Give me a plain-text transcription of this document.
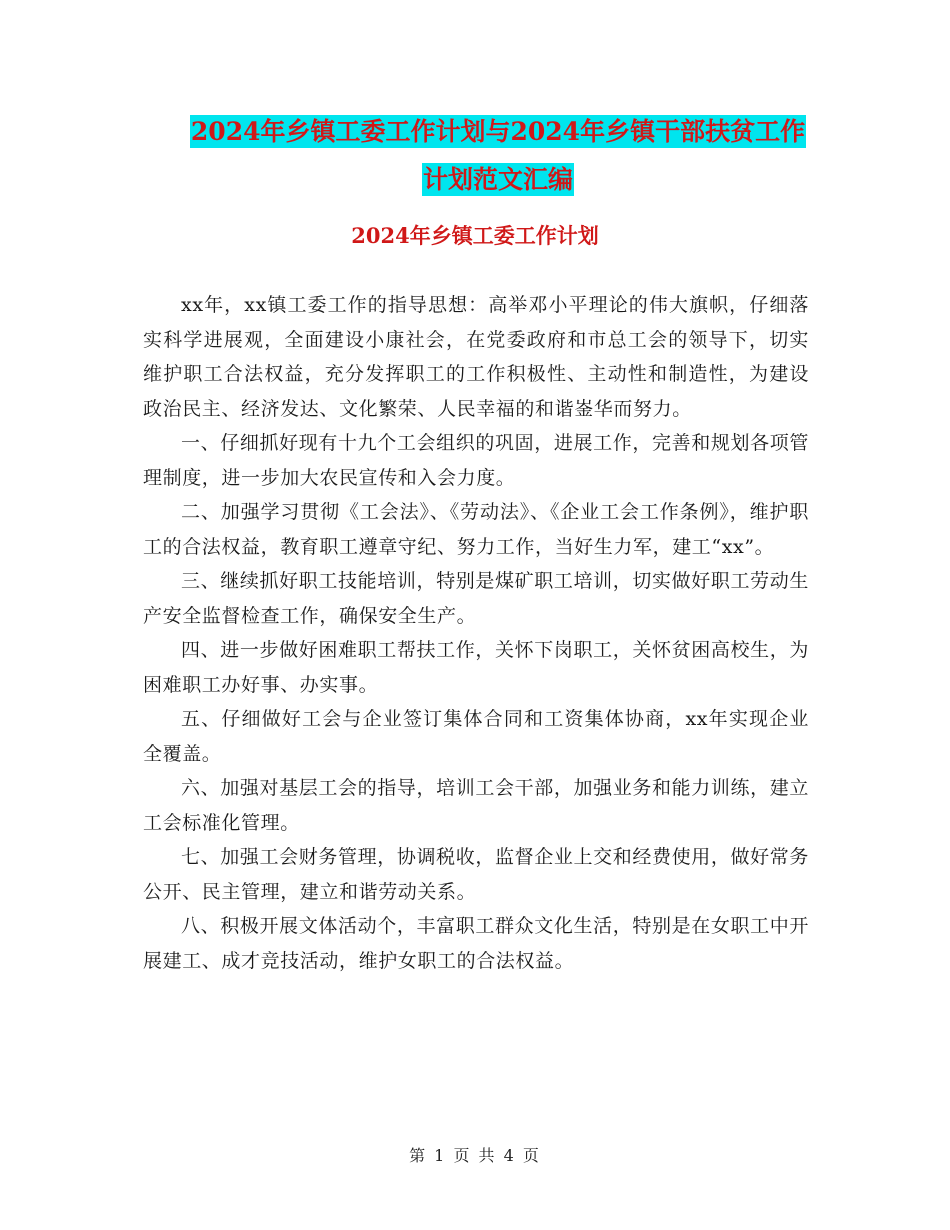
2024年乡镇工委工作计划与2024年乡镇干部扶贫工作
计划范文汇编
2024年乡镇工委工作计划

xx年，xx镇工委工作的指导思想：高举邓小平理论的伟大旗帜，仔细落实科学进展观，全面建设小康社会，在党委政府和市总工会的领导下，切实维护职工合法权益，充分发挥职工的工作积极性、主动性和制造性，为建设政治民主、经济发达、文化繁荣、人民幸福的和谐崟华而努力。

一、仔细抓好现有十九个工会组织的巩固，进展工作，完善和规划各项管理制度，进一步加大农民宣传和入会力度。

二、加强学习贯彻《工会法》、《劳动法》、《企业工会工作条例》，维护职工的合法权益，教育职工遵章守纪、努力工作，当好生力军，建工“xx”。

三、继续抓好职工技能培训，特别是煤矿职工培训，切实做好职工劳动生产安全监督检查工作，确保安全生产。

四、进一步做好困难职工帮扶工作，关怀下岗职工，关怀贫困高校生，为困难职工办好事、办实事。

五、仔细做好工会与企业签订集体合同和工资集体协商，xx年实现企业全覆盖。

六、加强对基层工会的指导，培训工会干部，加强业务和能力训练，建立工会标准化管理。

七、加强工会财务管理，协调税收，监督企业上交和经费使用，做好常务公开、民主管理，建立和谐劳动关系。

八、积极开展文体活动个，丰富职工群众文化生活，特别是在女职工中开展建工、成才竞技活动，维护女职工的合法权益。

第 1 页 共 4 页
